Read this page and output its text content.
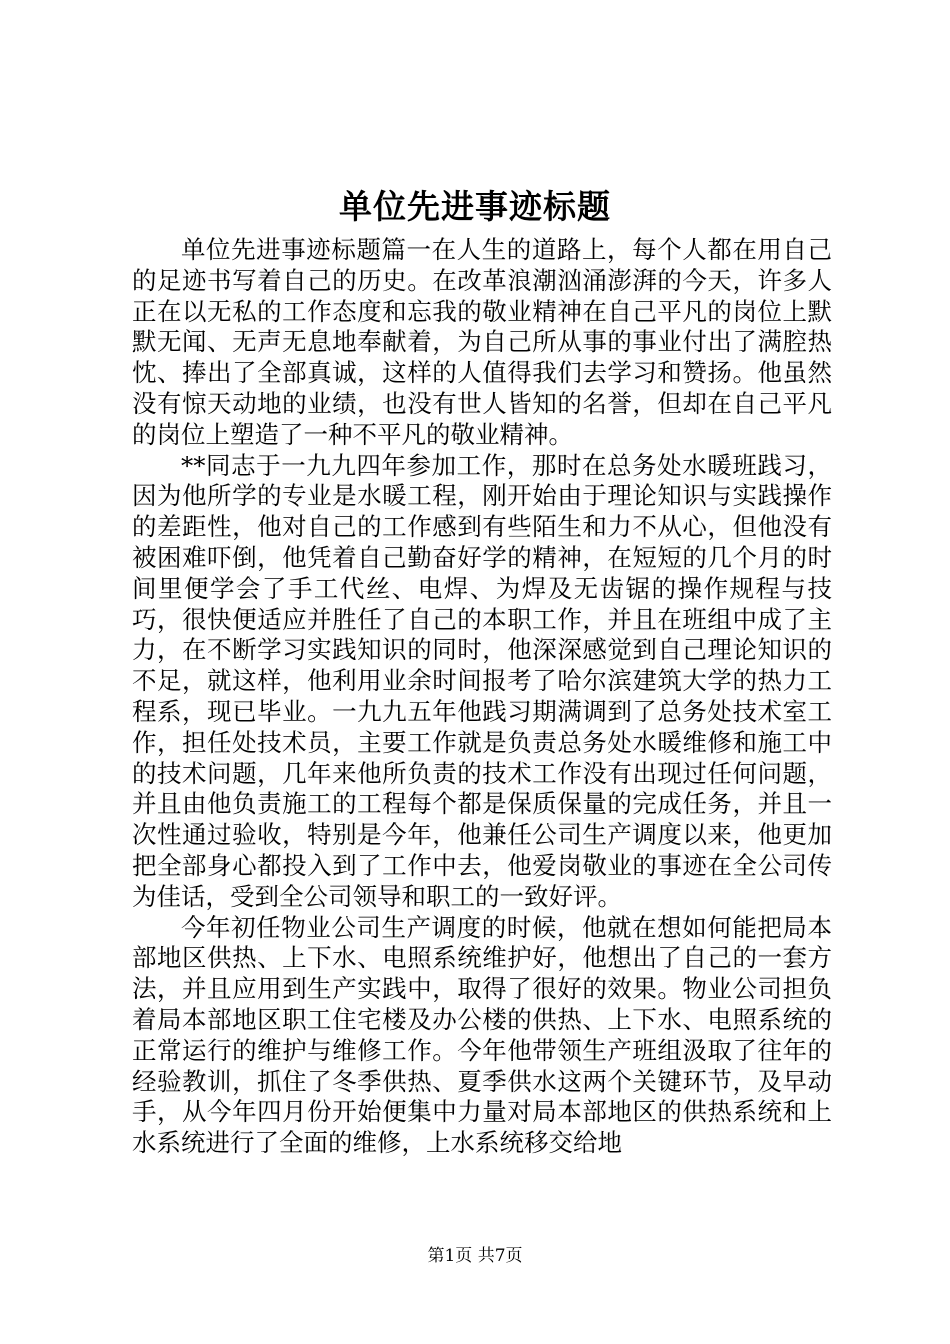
单位先进事迹标题

单位先进事迹标题篇一在人生的道路上，每个人都在用自己的足迹书写着自己的历史。在改革浪潮汹涌澎湃的今天，许多人正在以无私的工作态度和忘我的敬业精神在自己平凡的岗位上默默无闻、无声无息地奉献着，为自己所从事的事业付出了满腔热忱、捧出了全部真诚，这样的人值得我们去学习和赞扬。他虽然没有惊天动地的业绩，也没有世人皆知的名誉，但却在自己平凡的岗位上塑造了一种不平凡的敬业精神。

**同志于一九九四年参加工作，那时在总务处水暖班践习，因为他所学的专业是水暖工程，刚开始由于理论知识与实践操作的差距性，他对自己的工作感到有些陌生和力不从心，但他没有被困难吓倒，他凭着自己勤奋好学的精神，在短短的几个月的时间里便学会了手工代丝、电焊、为焊及无齿锯的操作规程与技巧，很快便适应并胜任了自己的本职工作，并且在班组中成了主力，在不断学习实践知识的同时，他深深感觉到自己理论知识的不足，就这样，他利用业余时间报考了哈尔滨建筑大学的热力工程系，现已毕业。一九九五年他践习期满调到了总务处技术室工作，担任处技术员，主要工作就是负责总务处水暖维修和施工中的技术问题，几年来他所负责的技术工作没有出现过任何问题，并且由他负责施工的工程每个都是保质保量的完成任务，并且一次性通过验收，特别是今年，他兼任公司生产调度以来，他更加把全部身心都投入到了工作中去，他爱岗敬业的事迹在全公司传为佳话，受到全公司领导和职工的一致好评。

今年初任物业公司生产调度的时候，他就在想如何能把局本部地区供热、上下水、电照系统维护好，他想出了自己的一套方法，并且应用到生产实践中，取得了很好的效果。物业公司担负着局本部地区职工住宅楼及办公楼的供热、上下水、电照系统的正常运行的维护与维修工作。今年他带领生产班组汲取了往年的经验教训，抓住了冬季供热、夏季供水这两个关键环节，及早动手，从今年四月份开始便集中力量对局本部地区的供热系统和上水系统进行了全面的维修，上水系统移交给地

第1页 共7页
